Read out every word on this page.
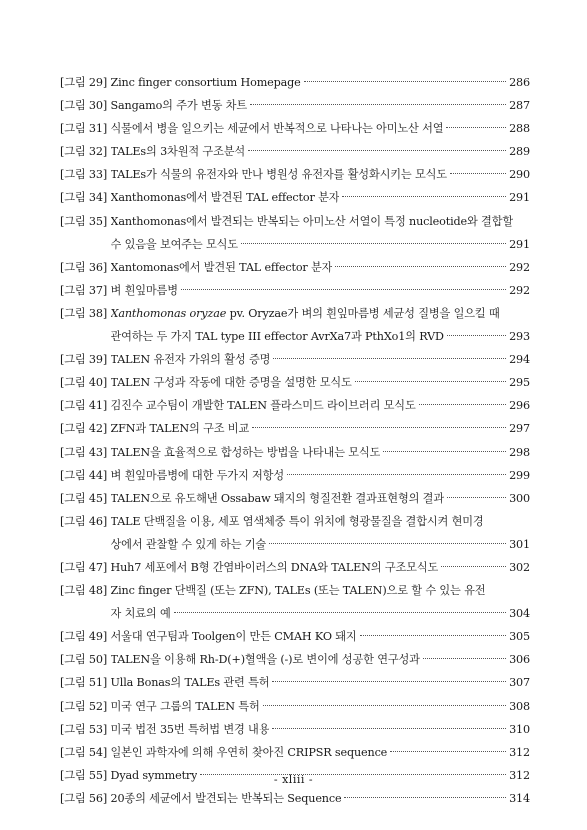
[그림 29]
Zinc finger consortium Homepage	286
[그림 30]
Sangamo의 주가 변동 차트	287
[그림 31]
식물에서 병을 일으키는 세균에서 반복적으로 나타나는 아미노산 서열	288
[그림 32]
TALEs의 3차원적 구조분석	289
[그림 33]
TALEs가 식물의 유전자와 만나 병원성 유전자를 활성화시키는 모식도	290
[그림 34]
Xanthomonas에서 발견된 TAL effector 분자	291
[그림 35]
Xanthomonas에서 발견되는 반복되는 아미노산 서열이 특정 nucleotide와 결합할
수 있음을 보여주는 모식도	291
[그림 36]
Xantomonas에서 발견된 TAL effector 분자	292
[그림 37]
벼 흰잎마름병	292
[그림 38]
Xanthomonas oryzae pv. Oryzae가 벼의 흰잎마름병 세균성 질병을 일으킬 때
관여하는 두 가지 TAL type III effector AvrXa7과 PthXo1의 RVD	293
[그림 39]
TALEN 유전자 가위의 활성 증명	294
[그림 40]
TALEN 구성과 작동에 대한 증명을 설명한 모식도	295
[그림 41]
김진수 교수팀이 개발한 TALEN 플라스미드 라이브러리 모식도	296
[그림 42]
ZFN과 TALEN의 구조 비교	297
[그림 43]
TALEN을 효율적으로 합성하는 방법을 나타내는 모식도	298
[그림 44]
벼 흰잎마름병에 대한 두가지 저항성	299
[그림 45]
TALEN으로 유도해낸 Ossabaw 돼지의 형질전환 결과표현형의 결과	300
[그림 46]
TALE 단백질을 이용, 세포 염색체중 특이 위치에 형광물질을 결합시켜 현미경
상에서 관찰할 수 있게 하는 기술	301
[그림 47]
Huh7 세포에서 B형 간염바이러스의 DNA와 TALEN의 구조모식도	302
[그림 48]
Zinc finger 단백질 (또는 ZFN), TALEs (또는 TALEN)으로 할 수 있는 유전
자 치료의 예	304
[그림 49]
서울대 연구팀과 Toolgen이 만든 CMAH KO 돼지	305
[그림 50]
TALEN을 이용해 Rh-D(+)혈액을 (-)로 변이에 성공한 연구성과	306
[그림 51]
Ulla Bonas의 TALEs 관련 특허	307
[그림 52]
미국 연구 그룹의 TALEN 특허	308
[그림 53]
미국 법전 35번 특허법 변경 내용	310
[그림 54]
일본인 과학자에 의해 우연히 찾아진 CRIPSR sequence	312
[그림 55]
Dyad symmetry	312
[그림 56]
20종의 세균에서 발견되는 반복되는 Sequence	314
- xliii -
